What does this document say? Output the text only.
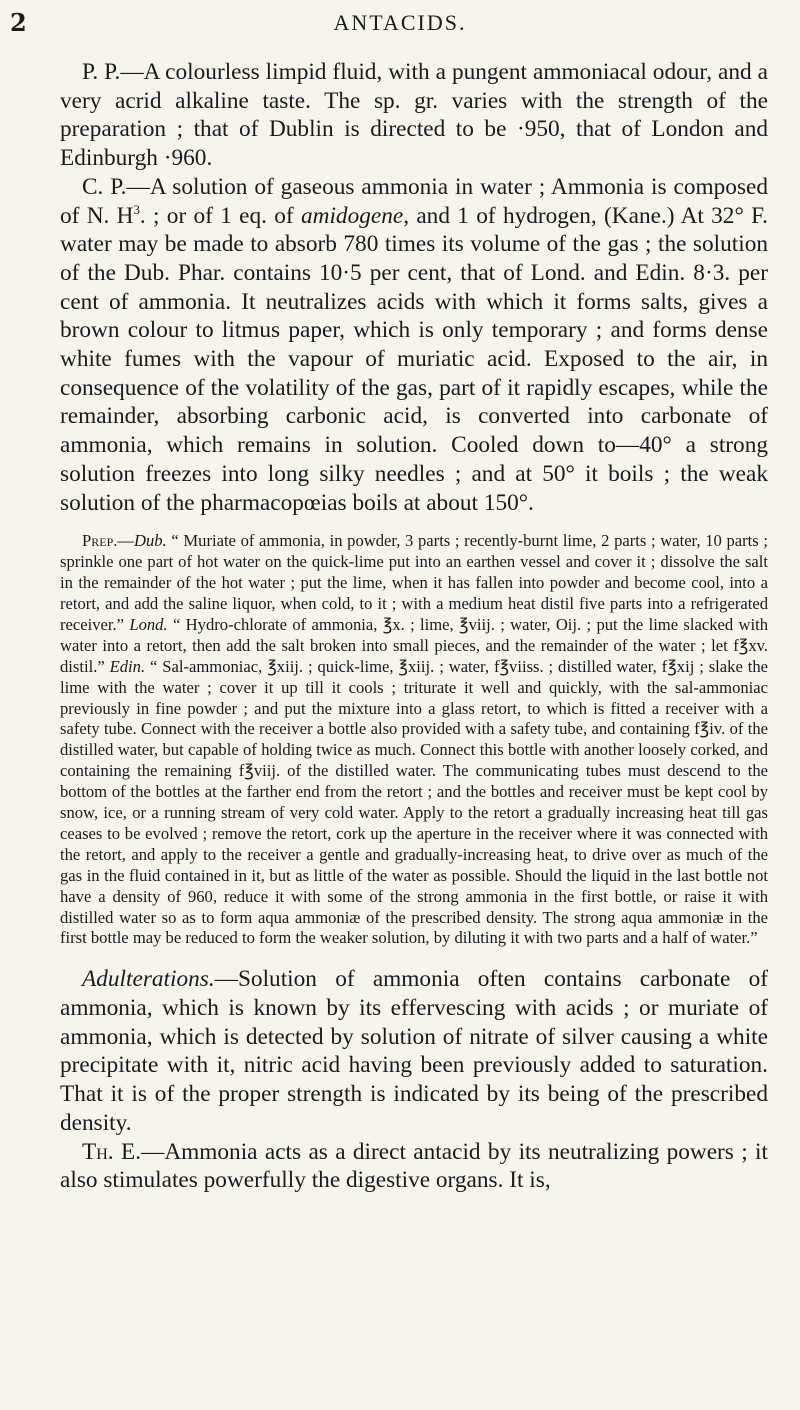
2	ANTACIDS.

P. P.—A colourless limpid fluid, with a pungent ammoniacal odour, and a very acrid alkaline taste. The sp. gr. varies with the strength of the preparation ; that of Dublin is directed to be ·950, that of London and Edinburgh ·960.

C. P.—A solution of gaseous ammonia in water ; Ammonia is composed of N. $H^3$. ; or of 1 eq. of amidogene, and 1 of hydrogen, (Kane.) At 32° F. water may be made to absorb 780 times its volume of the gas ; the solution of the Dub. Phar. contains 10·5 per cent, that of Lond. and Edin. 8·3. per cent of ammonia. It neutralizes acids with which it forms salts, gives a brown colour to litmus paper, which is only temporary ; and forms dense white fumes with the vapour of muriatic acid. Exposed to the air, in consequence of the volatility of the gas, part of it rapidly escapes, while the remainder, absorbing carbonic acid, is converted into carbonate of ammonia, which remains in solution. Cooled down to—40° a strong solution freezes into long silky needles ; and at 50° it boils ; the weak solution of the pharmacopœias boils at about 150°.

Prep.—Dub. “ Muriate of ammonia, in powder, 3 parts ; recently-burnt lime, 2 parts ; water, 10 parts ; sprinkle one part of hot water on the quick-lime put into an earthen vessel and cover it ; dissolve the salt in the remainder of the hot water ; put the lime, when it has fallen into powder and become cool, into a retort, and add the saline liquor, when cold, to it ; with a medium heat distil five parts into a refrigerated receiver.” Lond. “ Hydro-chlorate of ammonia, ℥x. ; lime, ℥viij. ; water, Oij. ; put the lime slacked with water into a retort, then add the salt broken into small pieces, and the remainder of the water ; let f℥xv. distil.” Edin. “ Sal-ammoniac, ℥xiij. ; quick-lime, ℥xiij. ; water, f℥viiss. ; distilled water, f℥xij ; slake the lime with the water ; cover it up till it cools ; triturate it well and quickly, with the sal-ammoniac previously in fine powder ; and put the mixture into a glass retort, to which is fitted a receiver with a safety tube. Connect with the receiver a bottle also provided with a safety tube, and containing f℥iv. of the distilled water, but capable of holding twice as much. Connect this bottle with another loosely corked, and containing the remaining f℥viij. of the distilled water. The communicating tubes must descend to the bottom of the bottles at the farther end from the retort ; and the bottles and receiver must be kept cool by snow, ice, or a running stream of very cold water. Apply to the retort a gradually increasing heat till gas ceases to be evolved ; remove the retort, cork up the aperture in the receiver where it was connected with the retort, and apply to the receiver a gentle and gradually-increasing heat, to drive over as much of the gas in the fluid contained in it, but as little of the water as possible. Should the liquid in the last bottle not have a density of 960, reduce it with some of the strong ammonia in the first bottle, or raise it with distilled water so as to form aqua ammoniæ of the prescribed density. The strong aqua ammoniæ in the first bottle may be reduced to form the weaker solution, by diluting it with two parts and a half of water.”

Adulterations.—Solution of ammonia often contains carbonate of ammonia, which is known by its effervescing with acids ; or muriate of ammonia, which is detected by solution of nitrate of silver causing a white precipitate with it, nitric acid having been previously added to saturation. That it is of the proper strength is indicated by its being of the prescribed density.

Th. E.—Ammonia acts as a direct antacid by its neutralizing powers ; it also stimulates powerfully the digestive organs. It is,
